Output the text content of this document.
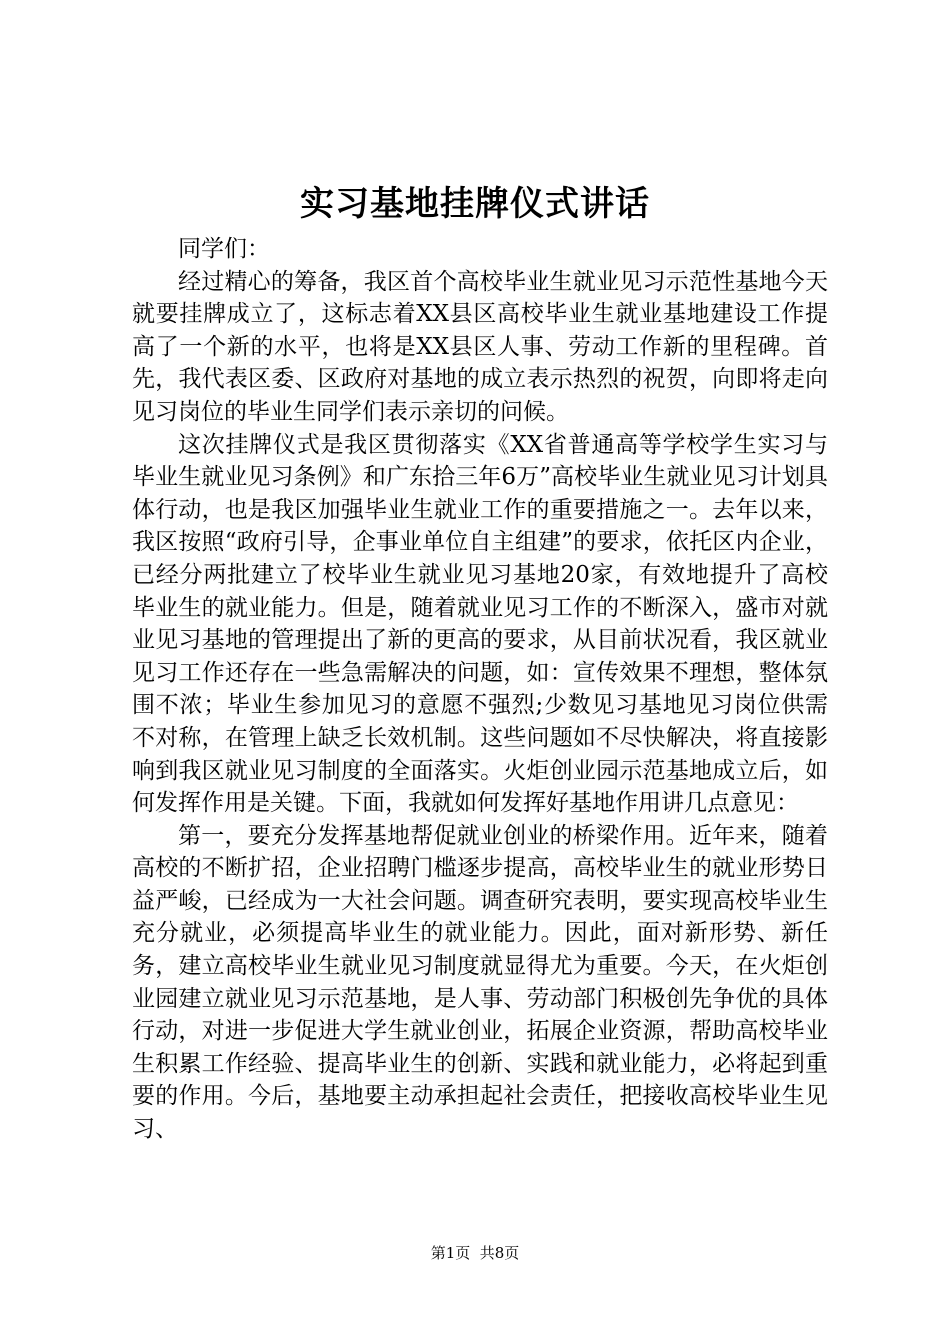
实习基地挂牌仪式讲话

同学们：

经过精心的筹备，我区首个高校毕业生就业见习示范性基地今天就要挂牌成立了，这标志着XX县区高校毕业生就业基地建设工作提高了一个新的水平，也将是XX县区人事、劳动工作新的里程碑。首先，我代表区委、区政府对基地的成立表示热烈的祝贺，向即将走向见习岗位的毕业生同学们表示亲切的问候。

这次挂牌仪式是我区贯彻落实《XX省普通高等学校学生实习与毕业生就业见习条例》和广东拾三年6万”高校毕业生就业见习计划具体行动，也是我区加强毕业生就业工作的重要措施之一。去年以来，我区按照“政府引导，企事业单位自主组建”的要求，依托区内企业，已经分两批建立了校毕业生就业见习基地20家，有效地提升了高校毕业生的就业能力。但是，随着就业见习工作的不断深入，盛市对就业见习基地的管理提出了新的更高的要求，从目前状况看，我区就业见习工作还存在一些急需解决的问题，如：宣传效果不理想，整体氛围不浓；毕业生参加见习的意愿不强烈;少数见习基地见习岗位供需不对称，在管理上缺乏长效机制。这些问题如不尽快解决，将直接影响到我区就业见习制度的全面落实。火炬创业园示范基地成立后，如何发挥作用是关键。下面，我就如何发挥好基地作用讲几点意见：

第一，要充分发挥基地帮促就业创业的桥梁作用。近年来，随着高校的不断扩招，企业招聘门槛逐步提高，高校毕业生的就业形势日益严峻，已经成为一大社会问题。调查研究表明，要实现高校毕业生充分就业，必须提高毕业生的就业能力。因此，面对新形势、新任务，建立高校毕业生就业见习制度就显得尤为重要。今天，在火炬创业园建立就业见习示范基地，是人事、劳动部门积极创先争优的具体行动，对进一步促进大学生就业创业，拓展企业资源，帮助高校毕业生积累工作经验、提高毕业生的创新、实践和就业能力，必将起到重要的作用。今后，基地要主动承担起社会责任，把接收高校毕业生见习、

第1页  共8页
